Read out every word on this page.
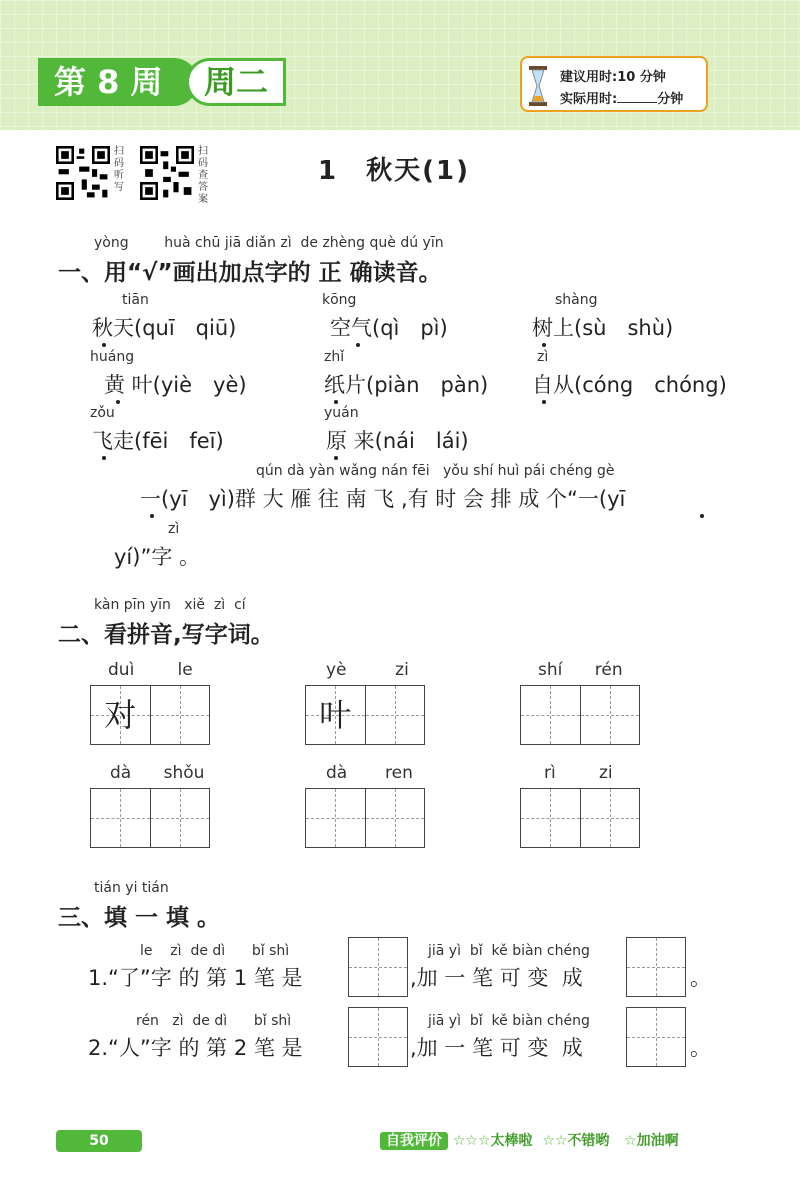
第 8 周	周二	建议用时:10 分钟
实际用时:	分钟
扫码听写
扫码查答案
1　秋天(1)
yòng        huà chū jiā diǎn zì  de zhèng què dú yīn
一、用“√”画出加点字的 正 确读音。
tiān	kōng	shàng
秋天(quī　qiū)	空气(qì　pì)	树上(sù　shù)
huáng	zhǐ	zì
黄 叶(yiè　yè)	纸片(piàn　pàn) 自从(cóng　chóng)
zǒu	yuán
飞走(fēi　feī)	原 来(nái　lái)
qún dà yàn wǎng nán fēi   yǒu shí huì pái chéng gè
一(yī　yì)群 大 雁 往 南 飞 ,有 时 会 排 成 个“一(yī
zì
yí)”字 。
kàn pīn yīn   xiě  zì  cí
二、看拼音,写字词。
duì        le
对
yè         zi
叶
shí      rén
dà      shǒu	dà       ren	rì        zi
tián yi tián
三、填 一 填 。
le    zì  de dì      bǐ shì
1.“了”字 的 第 1 笔 是
jiā yì  bǐ  kě biàn chéng
,加 一 笔 可 变  成	。
rén   zì  de dì      bǐ shì
2.“人”字 的 第 2 笔 是
jiā yì  bǐ  kě biàn chéng
,加 一 笔 可 变  成	。
50	自我评价 ☆☆☆太棒啦 ☆☆不错哟 ☆加油啊
